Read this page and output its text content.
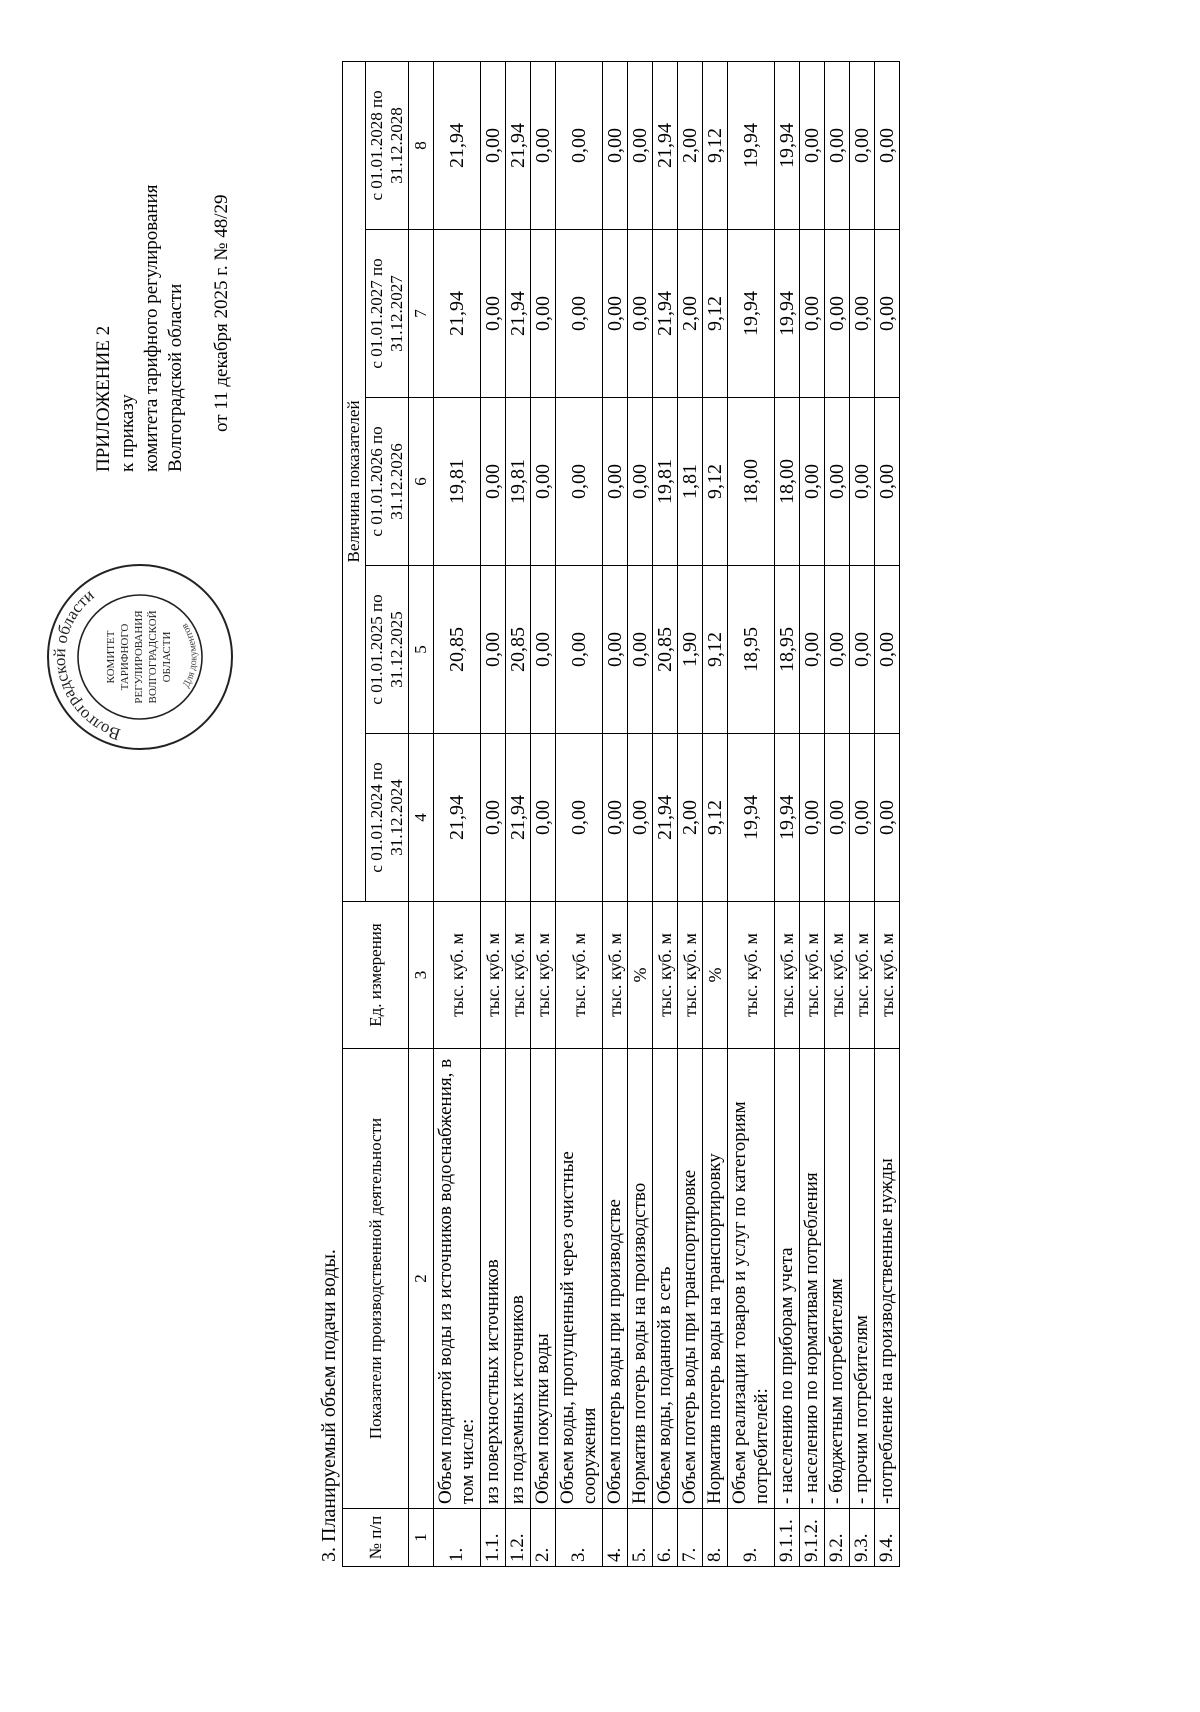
Волгоградской области
Для документов
КОМИТЕТ ТАРИФНОГО РЕГУЛИРОВАНИЯ ВОЛГОГРАДСКОЙ ОБЛАСТИ
ПРИЛОЖЕНИЕ 2 к приказу комитета тарифного регулирования Волгоградской области от 11 декабря 2025 г. № 48/29
3. Планируемый объем подачи воды. № п/п	Показатели производственной деятельности	Ед. измерения	Величина показателей				
			с 01.01.2024 по 31.12.2024	с 01.01.2025 по 31.12.2025	с 01.01.2026 по 31.12.2026	с 01.01.2027 по 31.12.2027	с 01.01.2028 по 31.12.2028
1	2	3	4	5	6	7	8
1.	Объем поднятой воды из источников водоснабжения, в том числе:	тыс. куб. м	21,94	20,85	19,81	21,94	21,94
1.1.	из поверхностных источников	тыс. куб. м	0,00	0,00	0,00	0,00	0,00
1.2.	из подземных источников	тыс. куб. м	21,94	20,85	19,81	21,94	21,94
2.	Объем покупки воды	тыс. куб. м	0,00	0,00	0,00	0,00	0,00
3.	Объем воды, пропущенный через очистные сооружения	тыс. куб. м	0,00	0,00	0,00	0,00	0,00
4.	Объем потерь воды при производстве	тыс. куб. м	0,00	0,00	0,00	0,00	0,00
5.	Норматив потерь воды на производство	%	0,00	0,00	0,00	0,00	0,00
6.	Объем воды, поданной в сеть	тыс. куб. м	21,94	20,85	19,81	21,94	21,94
7.	Объем потерь воды при транспортировке	тыс. куб. м	2,00	1,90	1,81	2,00	2,00
8.	Норматив потерь воды на транспортировку	%	9,12	9,12	9,12	9,12	9,12
9.	Объем реализации товаров и услуг по категориям потребителей:	тыс. куб. м	19,94	18,95	18,00	19,94	19,94
9.1.1.	- населению по приборам учета	тыс. куб. м	19,94	18,95	18,00	19,94	19,94
9.1.2.	- населению по нормативам потребления	тыс. куб. м	0,00	0,00	0,00	0,00	0,00
9.2.	- бюджетным потребителям	тыс. куб. м	0,00	0,00	0,00	0,00	0,00
9.3.	- прочим потребителям	тыс. куб. м	0,00	0,00	0,00	0,00	0,00
9.4.	-потребление на производственные нужды	тыс. куб. м	0,00	0,00	0,00	0,00	0,00
